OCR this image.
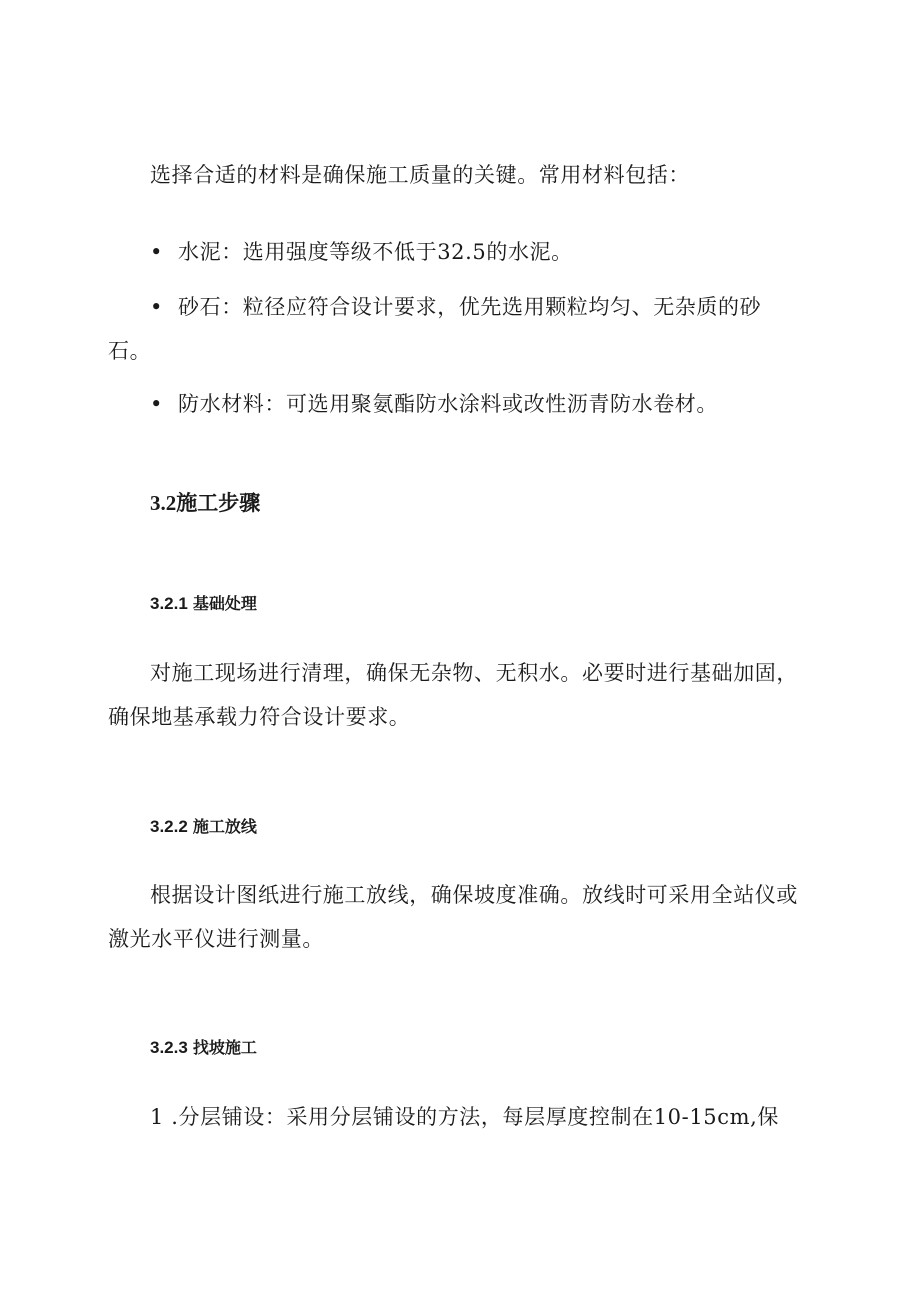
选择合适的材料是确保施工质量的关键。常用材料包括：

• 水泥：选用强度等级不低于32.5的水泥。

• 砂石：粒径应符合设计要求，优先选用颗粒均匀、无杂质的砂石。

• 防水材料：可选用聚氨酯防水涂料或改性沥青防水卷材。

3.2施工步骤
3.2.1 基础处理

对施工现场进行清理，确保无杂物、无积水。必要时进行基础加固，确保地基承载力符合设计要求。

3.2.2 施工放线

根据设计图纸进行施工放线，确保坡度准确。放线时可采用全站仪或激光水平仪进行测量。

3.2.3 找坡施工

1 .分层铺设：采用分层铺设的方法，每层厚度控制在10-15cm,保
